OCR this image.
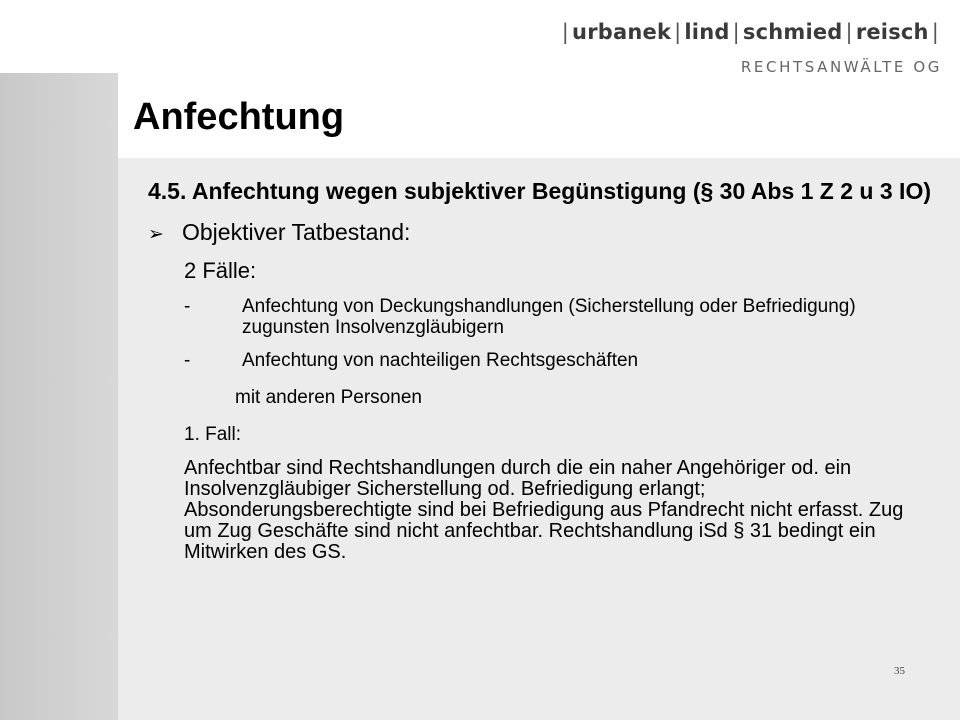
| urbanek | lind | schmied | reisch |
RECHTSANWÄLTE OG
Anfechtung
4.5. Anfechtung wegen subjektiver Begünstigung (§ 30 Abs 1 Z 2 u 3 IO)
➢ Objektiver Tatbestand:
2 Fälle:
-	Anfechtung von Deckungshandlungen (Sicherstellung oder Befriedigung) zugunsten Insolvenzgläubigern
-	Anfechtung von nachteiligen Rechtsgeschäften
mit anderen Personen
1. Fall:
Anfechtbar sind Rechtshandlungen durch die ein naher Angehöriger od. ein Insolvenzgläubiger Sicherstellung od. Befriedigung erlangt; Absonderungsberechtigte sind bei Befriedigung aus Pfandrecht nicht erfasst. Zug um Zug Geschäfte sind nicht anfechtbar. Rechtshandlung iSd § 31 bedingt ein Mitwirken des GS.
35
